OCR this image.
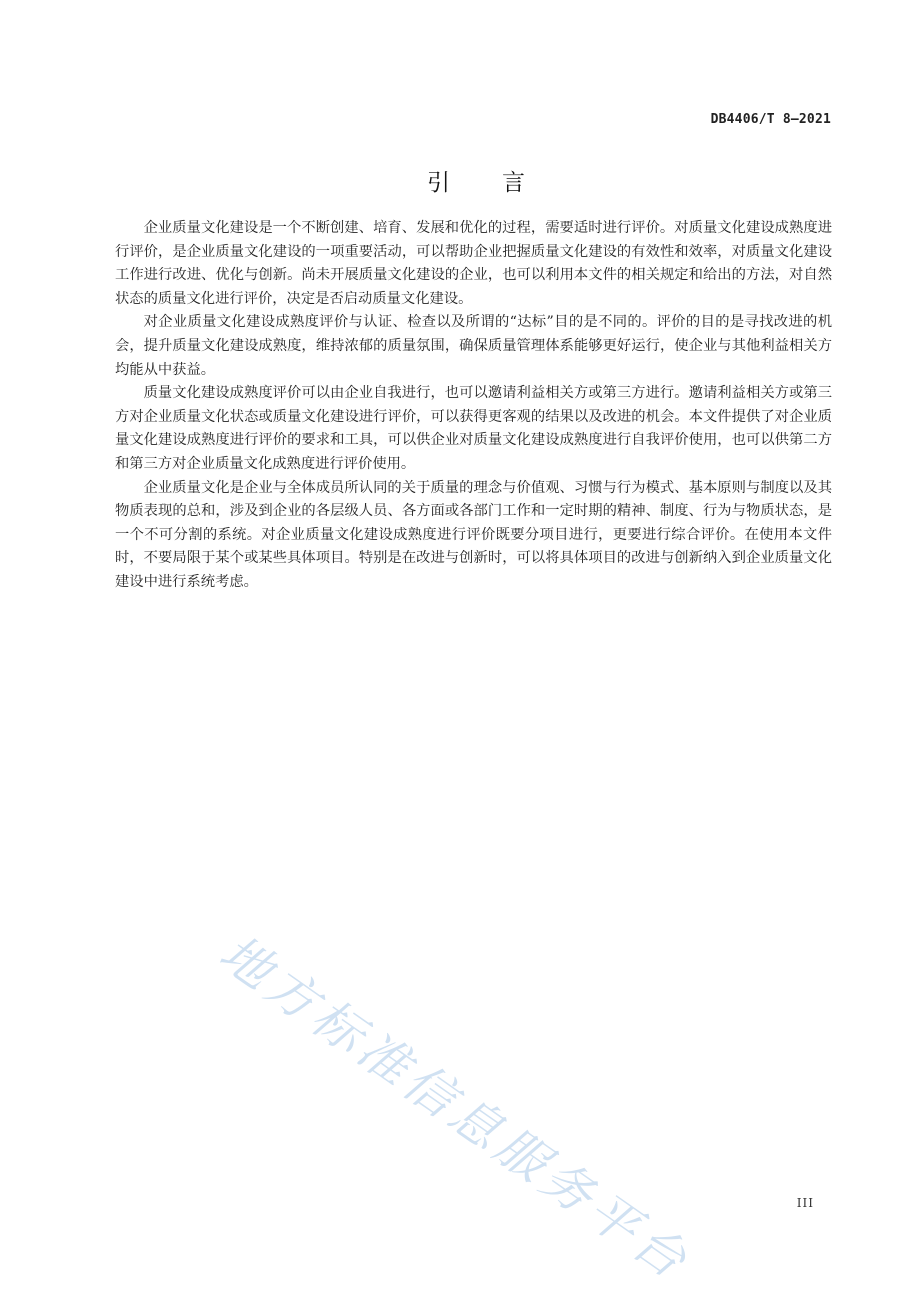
DB4406/T 8—2021
引言

企业质量文化建设是一个不断创建、培育、发展和优化的过程，需要适时进行评价。对质量文化建设成熟度进行评价，是企业质量文化建设的一项重要活动，可以帮助企业把握质量文化建设的有效性和效率，对质量文化建设工作进行改进、优化与创新。尚未开展质量文化建设的企业，也可以利用本文件的相关规定和给出的方法，对自然状态的质量文化进行评价，决定是否启动质量文化建设。

对企业质量文化建设成熟度评价与认证、检查以及所谓的“达标”目的是不同的。评价的目的是寻找改进的机会，提升质量文化建设成熟度，维持浓郁的质量氛围，确保质量管理体系能够更好运行，使企业与其他利益相关方均能从中获益。

质量文化建设成熟度评价可以由企业自我进行，也可以邀请利益相关方或第三方进行。邀请利益相关方或第三方对企业质量文化状态或质量文化建设进行评价，可以获得更客观的结果以及改进的机会。本文件提供了对企业质量文化建设成熟度进行评价的要求和工具，可以供企业对质量文化建设成熟度进行自我评价使用，也可以供第二方和第三方对企业质量文化成熟度进行评价使用。

企业质量文化是企业与全体成员所认同的关于质量的理念与价值观、习惯与行为模式、基本原则与制度以及其物质表现的总和，涉及到企业的各层级人员、各方面或各部门工作和一定时期的精神、制度、行为与物质状态，是一个不可分割的系统。对企业质量文化建设成熟度进行评价既要分项目进行，更要进行综合评价。在使用本文件时，不要局限于某个或某些具体项目。特别是在改进与创新时，可以将具体项目的改进与创新纳入到企业质量文化建设中进行系统考虑。

地方标准信息服务平台	III
